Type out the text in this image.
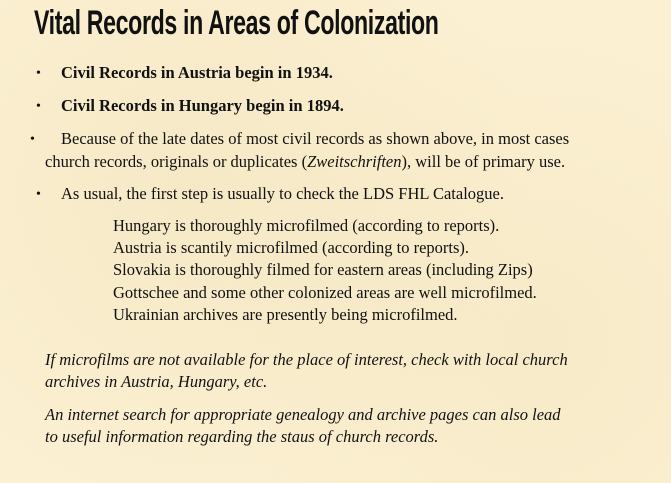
Vital Records in Areas of Colonization
• Civil Records in Austria begin in 1934.
• Civil Records in Hungary begin in 1894.
• Because of the late dates of most civil records as shown above, in most cases
church records, originals or duplicates (Zweitschriften), will be of primary use.
• As usual, the first step is usually to check the LDS FHL Catalogue.
Hungary is thoroughly microfilmed (according to reports).
Austria is scantily microfilmed (according to reports).
Slovakia is thoroughly filmed for eastern areas (including Zips)
Gottschee and some other colonized areas are well microfilmed.
Ukrainian archives are presently being microfilmed.
If microfilms are not available for the place of interest, check with local church
archives in Austria, Hungary, etc.
An internet search for appropriate genealogy and archive pages can also lead
to useful information regarding the staus of church records.
